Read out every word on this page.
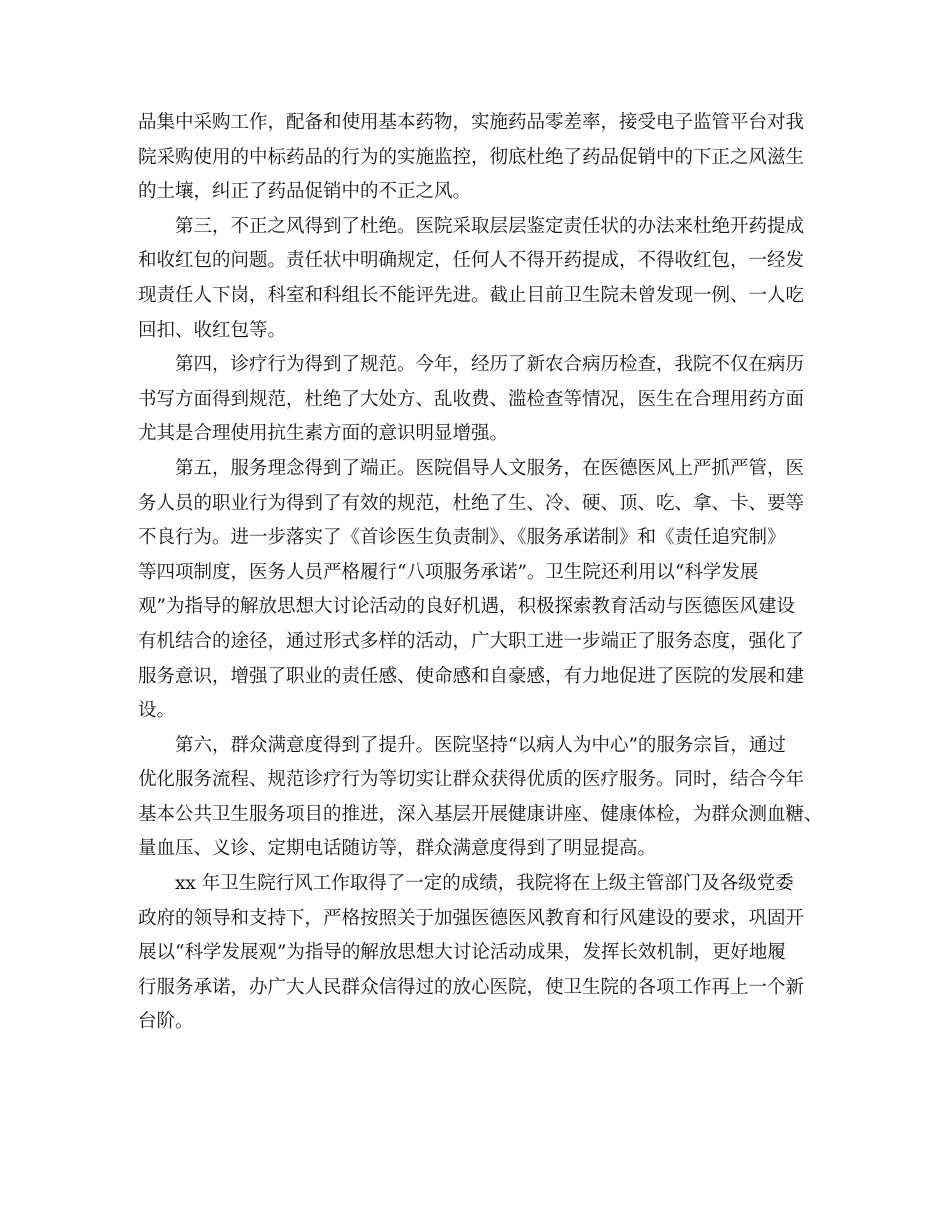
品集中采购工作，配备和使用基本药物，实施药品零差率，接受电子监管平台对我
院采购使用的中标药品的行为的实施监控，彻底杜绝了药品促销中的下正之风滋生
的土壤，纠正了药品促销中的不正之风。
　　第三，不正之风得到了杜绝。医院采取层层鉴定责任状的办法来杜绝开药提成
和收红包的问题。责任状中明确规定，任何人不得开药提成，不得收红包，一经发
现责任人下岗，科室和科组长不能评先进。截止目前卫生院未曾发现一例、一人吃
回扣、收红包等。
　　第四，诊疗行为得到了规范。今年，经历了新农合病历检查，我院不仅在病历
书写方面得到规范，杜绝了大处方、乱收费、滥检查等情况，医生在合理用药方面
尤其是合理使用抗生素方面的意识明显增强。
　　第五，服务理念得到了端正。医院倡导人文服务，在医德医风上严抓严管，医
务人员的职业行为得到了有效的规范，杜绝了生、冷、硬、顶、吃、拿、卡、要等
不良行为。进一步落实了《首诊医生负责制》、《服务承诺制》和《责任追究制》
等四项制度，医务人员严格履行“八项服务承诺”。卫生院还利用以“科学发展
观”为指导的解放思想大讨论活动的良好机遇，积极探索教育活动与医德医风建设
有机结合的途径，通过形式多样的活动，广大职工进一步端正了服务态度，强化了
服务意识，增强了职业的责任感、使命感和自豪感，有力地促进了医院的发展和建
设。
　　第六，群众满意度得到了提升。医院坚持“以病人为中心”的服务宗旨，通过
优化服务流程、规范诊疗行为等切实让群众获得优质的医疗服务。同时，结合今年
基本公共卫生服务项目的推进，深入基层开展健康讲座、健康体检，为群众测血糖、
量血压、义诊、定期电话随访等，群众满意度得到了明显提高。
　　xx 年卫生院行风工作取得了一定的成绩，我院将在上级主管部门及各级党委
政府的领导和支持下，严格按照关于加强医德医风教育和行风建设的要求，巩固开
展以“科学发展观”为指导的解放思想大讨论活动成果，发挥长效机制，更好地履
行服务承诺，办广大人民群众信得过的放心医院，使卫生院的各项工作再上一个新
台阶。
